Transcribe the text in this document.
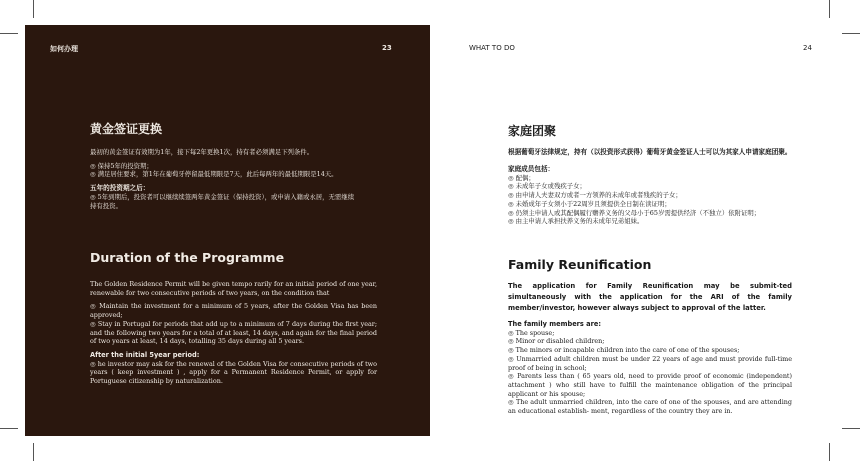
如何办理	23
黄金签证更换

最初的黄金签证有效期为1年，接下每2年更换1次，持有者必须满足下列条件。

◎ 保持5年的投资期；

◎ 满足居住要求，第1年在葡萄牙停留最低期限是7天，此后每两年的最低期限是14天。

五年的投资期之后：

◎ 5年到期后，投资者可以继续续签两年黄金签证（保持投资），或申请入籍或永居，无需继续持有投资。

Duration of the Programme

The Golden Residence Permit will be given tempo rarily for an initial period of one year, renewable for two consecutive periods of two years, on the condition that

◎ Maintain the investment for a minimum of 5 years, after the Golden Visa has been approved;

◎ Stay in Portugal for periods that add up to a minimum of 7 days during the first year; and the following two years for a total of at least, 14 days, and again for the final period of two years at least, 14 days, totalling 35 days during all 5 years.

After the initial 5year period:

◎ he investor may ask for the renewal of the Golden Visa for consecutive periods of two years ( keep investment ) , apply for a Permanent Residence Permit, or apply for Portuguese citizenship by naturalization.

WHAT TO DO	24
家庭团聚

根据葡萄牙法律规定，持有（以投资形式获得）葡萄牙黄金签证人士可以为其家人申请家庭团聚。

家庭成员包括：

◎ 配偶；

◎ 未成年子女或残疾子女；

◎ 由申请人夫妻双方或者一方领养的未成年或者残疾的子女；

◎ 未婚成年子女须小于22周岁且须提供全日制在读证明；

◎ 仍须主申请人或其配偶履行赡养义务的父母小于65岁需提供经济（不独立）依附证明；

◎ 由主申请人承担扶养义务的未成年兄弟姐妹。

Family Reunification

The application for Family Reunification may be submit-ted simultaneously with the application for the ARI of the family member/investor, however always subject to approval of the latter.

The family members are:

◎ The spouse;

◎ Minor or disabled children;

◎ The minors or incapable children into the care of one of the spouses;

◎ Unmarried adult children must be under 22 years of age and must provide full-time proof of being in school;

◎ Parents less than ( 65 years old, need to provide proof of economic (independent) attachment ) who still have to fulfill the maintenance obligation of the principal applicant or his spouse;

◎ The adult unmarried children, into the care of one of the spouses, and are attending an educational establish- ment, regardless of the country they are in.
